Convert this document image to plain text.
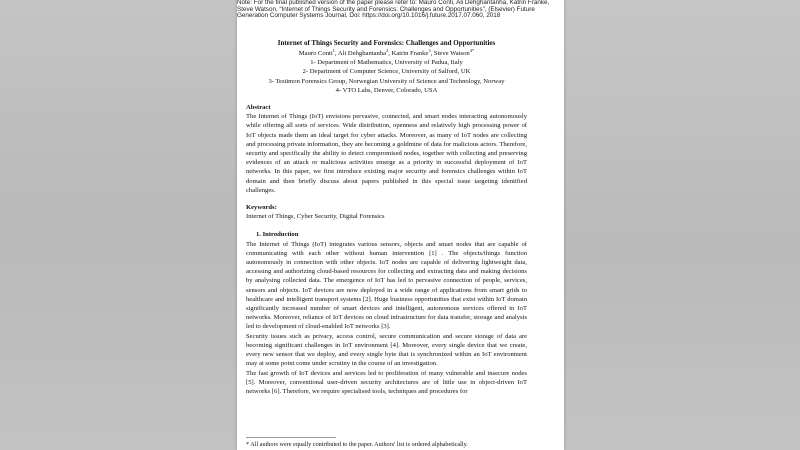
Note: For the final published version of the paper please refer to: Mauro Conti, Ali Dehghantanha, Katrin Franke, Steve Watson, “Internet of Things Security and Forensics: Challenges and Opportunities”, (Elsevier) Future Generation Computer Systems Journal, Doi: https://doi.org/10.1016/j.future.2017.07.060, 2018

Internet of Things Security and Forensics: Challenges and Opportunities

Mauro Conti$^1$, Ali Dehghantanha$^2$, Katrin Franke$^3$, Steve Watson$^{4*}$

1- Department of Mathematics, University of Padua, Italy

2- Department of Computer Science, University of Salford, UK

3- Testimon Forensics Group, Norwegian University of Science and Technology, Norway

4- VTO Labs, Denver, Colorado, USA

Abstract

The Internet of Things (IoT) envisions pervasive, connected, and smart nodes interacting autonomously while offering all sorts of services. Wide distribution, openness and relatively high processing power of IoT objects made them an ideal target for cyber attacks. Moreover, as many of IoT nodes are collecting and processing private information, they are becoming a goldmine of data for malicious actors. Therefore, security and specifically the ability to detect compromised nodes, together with collecting and preserving evidences of an attack or malicious activities emerge as a priority in successful deployment of IoT networks. In this paper, we first introduce existing major security and forensics challenges within IoT domain and then briefly discuss about papers published in this special issue targeting identified challenges.

Keywords:

Internet of Things, Cyber Security, Digital Forensics

1. Introduction

The Internet of Things (IoT) integrates various sensors, objects and smart nodes that are capable of communicating with each other without human intervention [1] . The objects/things function autonomously in connection with other objects. IoT nodes are capable of delivering lightweight data, accessing and authorizing cloud-based resources for collecting and extracting data and making decisions by analysing collected data. The emergence of IoT has led to pervasive connection of people, services, sensors and objects. IoT devices are now deployed in a wide range of applications from smart grids to healthcare and intelligent transport systems [2]. Huge business opportunities that exist within IoT domain significantly increased number of smart devices and intelligent, autonomous services offered in IoT networks. Moreover, reliance of IoT devices on cloud infrastructure for data transfer, storage and analysis led to development of cloud-enabled IoT networks [3].

Security issues such as privacy, access control, secure communication and secure storage of data are becoming significant challenges in IoT environment [4]. Moreover, every single device that we create, every new sensor that we deploy, and every single byte that is synchronized within an IoT environment may at some point come under scrutiny in the course of an investigation.

The fast growth of IoT devices and services led to proliferation of many vulnerable and insecure nodes [5]. Moreover, conventional user-driven security architectures are of little use in object-driven IoT networks [6]. Therefore, we require specialised tools, techniques and procedures for

* All authors were equally contributed to the paper. Authors' list is ordered alphabetically.
